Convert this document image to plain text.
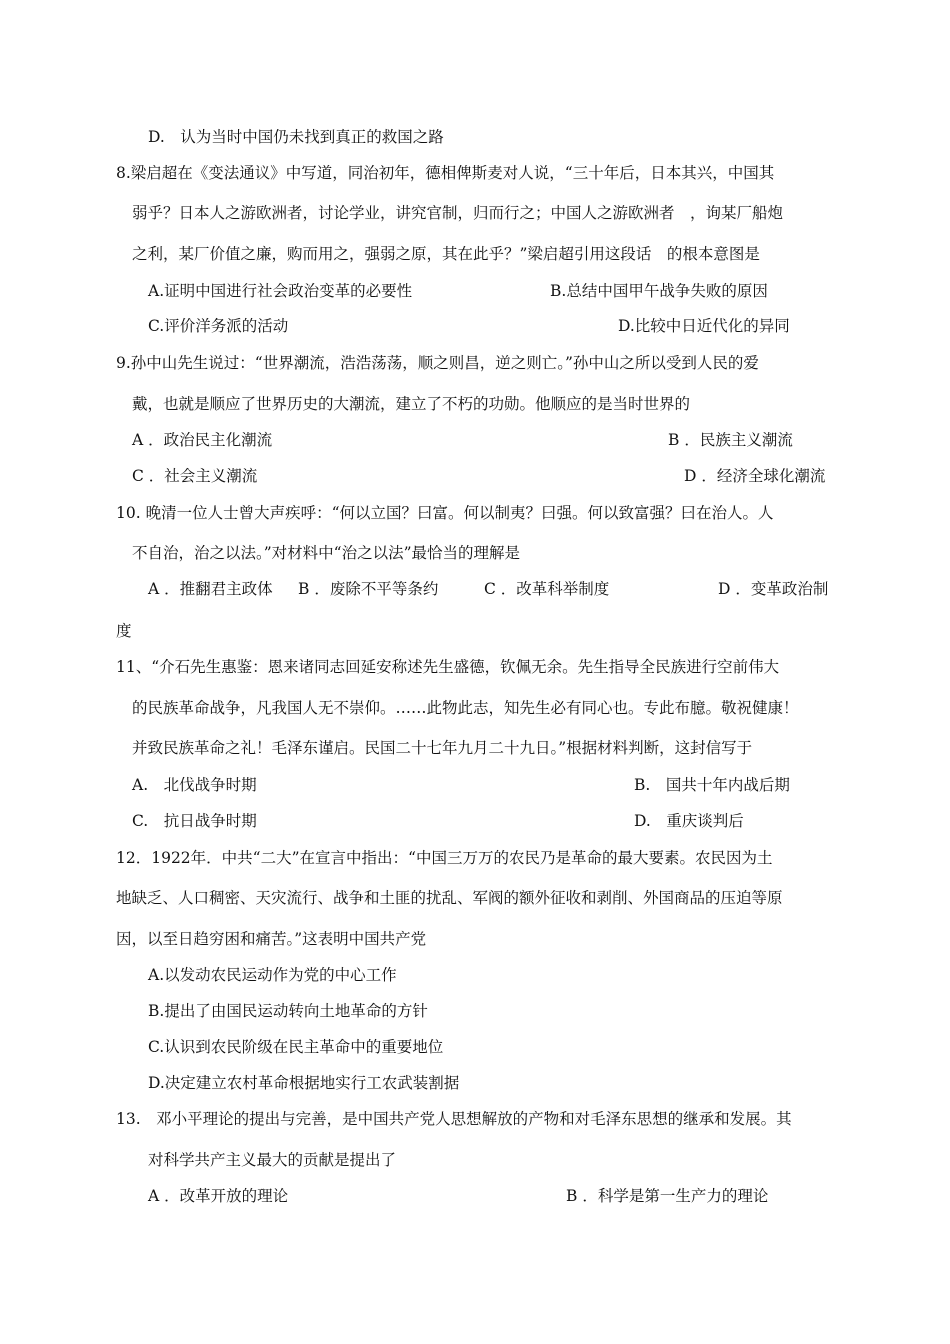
D.　认为当时中国仍未找到真正的救国之路
8.梁启超在《变法通议》中写道，同治初年，德相俾斯麦对人说，“三十年后，日本其兴，中国其
弱乎？日本人之游欧洲者，讨论学业，讲究官制，归而行之；中国人之游欧洲者　，询某厂船炮
之利，某厂价值之廉，购而用之，强弱之原，其在此乎？”梁启超引用这段话　的根本意图是
A.证明中国进行社会政治变革的必要性	B.总结中国甲午战争失败的原因
C.评价洋务派的活动	D.比较中日近代化的异同
9.孙中山先生说过：“世界潮流，浩浩荡荡，顺之则昌，逆之则亡。”孙中山之所以受到人民的爱
戴，也就是顺应了世界历史的大潮流，建立了不朽的功勋。他顺应的是当时世界的
A ．政治民主化潮流	B ．民族主义潮流
C ．社会主义潮流	D ．经济全球化潮流
10. 晚清一位人士曾大声疾呼：“何以立国？曰富。何以制夷？曰强。何以致富强？曰在治人。人
不自治，治之以法。”对材料中“治之以法”最恰当的理解是
A ．推翻君主政体 B ．废除不平等条约	C ．改革科举制度	D ．变革政治制
度
11、“介石先生惠鉴：恩来诸同志回延安称述先生盛德，钦佩无余。先生指导全民族进行空前伟大
的民族革命战争，凡我国人无不崇仰。……此物此志，知先生必有同心也。专此布臆。敬祝健康！
并致民族革命之礼！毛泽东谨启。民国二十七年九月二十九日。”根据材料判断，这封信写于
A.　北伐战争时期	B.　国共十年内战后期
C.　抗日战争时期	D.　重庆谈判后
12．1922年．中共“二大”在宣言中指出：“中国三万万的农民乃是革命的最大要素。农民因为土
地缺乏、人口稠密、天灾流行、战争和土匪的扰乱、军阀的额外征收和剥削、外国商品的压迫等原
因，以至日趋穷困和痛苦。”这表明中国共产党
A.以发动农民运动作为党的中心工作
B.提出了由国民运动转向土地革命的方针
C.认识到农民阶级在民主革命中的重要地位
D.决定建立农村革命根据地实行工农武装割据
13.　邓小平理论的提出与完善，是中国共产党人思想解放的产物和对毛泽东思想的继承和发展。其
对科学共产主义最大的贡献是提出了
A ．改革开放的理论	B ．科学是第一生产力的理论
